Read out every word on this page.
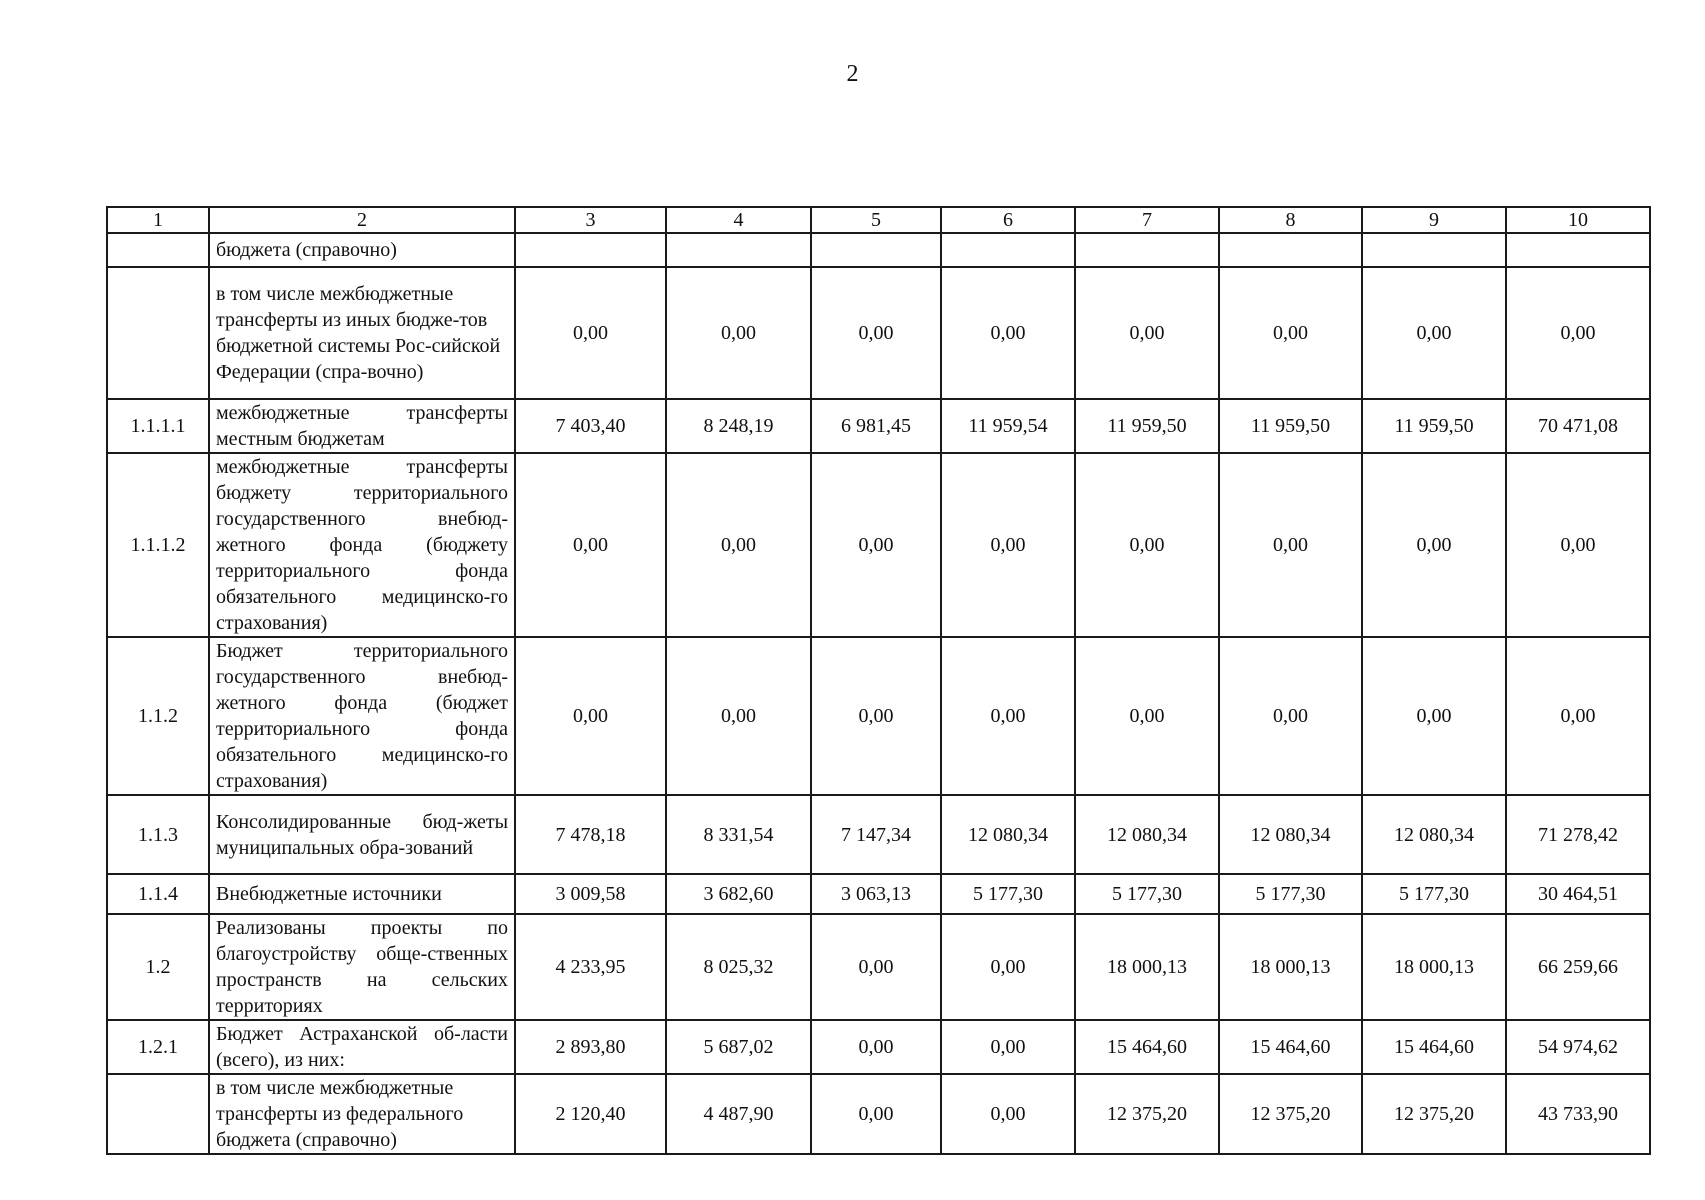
2
1	2	3	4	5	6	7	8	9	10
	бюджета (справочно)								
	в том числе межбюджетные трансферты из иных бюдже-тов бюджетной системы Рос-сийской Федерации (спра-вочно)	0,00	0,00	0,00	0,00	0,00	0,00	0,00	0,00
1.1.1.1	межбюджетные трансферты местным бюджетам	7 403,40	8 248,19	6 981,45	11 959,54	11 959,50	11 959,50	11 959,50	70 471,08
1.1.1.2	межбюджетные трансферты бюджету территориального государственного внебюд-жетного фонда (бюджету территориального фонда обязательного медицинско-го страхования)	0,00	0,00	0,00	0,00	0,00	0,00	0,00	0,00
1.1.2	Бюджет территориального государственного внебюд-жетного фонда (бюджет территориального фонда обязательного медицинско-го страхования)	0,00	0,00	0,00	0,00	0,00	0,00	0,00	0,00
1.1.3	Консолидированные бюд-жеты муниципальных обра-зований	7 478,18	8 331,54	7 147,34	12 080,34	12 080,34	12 080,34	12 080,34	71 278,42
1.1.4	Внебюджетные источники	3 009,58	3 682,60	3 063,13	5 177,30	5 177,30	5 177,30	5 177,30	30 464,51
1.2	Реализованы проекты по благоустройству обще-ственных пространств на сельских территориях	4 233,95	8 025,32	0,00	0,00	18 000,13	18 000,13	18 000,13	66 259,66
1.2.1	Бюджет Астраханской об-ласти (всего), из них:	2 893,80	5 687,02	0,00	0,00	15 464,60	15 464,60	15 464,60	54 974,62
	в том числе межбюджетные трансферты из федерального бюджета (справочно)	2 120,40	4 487,90	0,00	0,00	12 375,20	12 375,20	12 375,20	43 733,90
